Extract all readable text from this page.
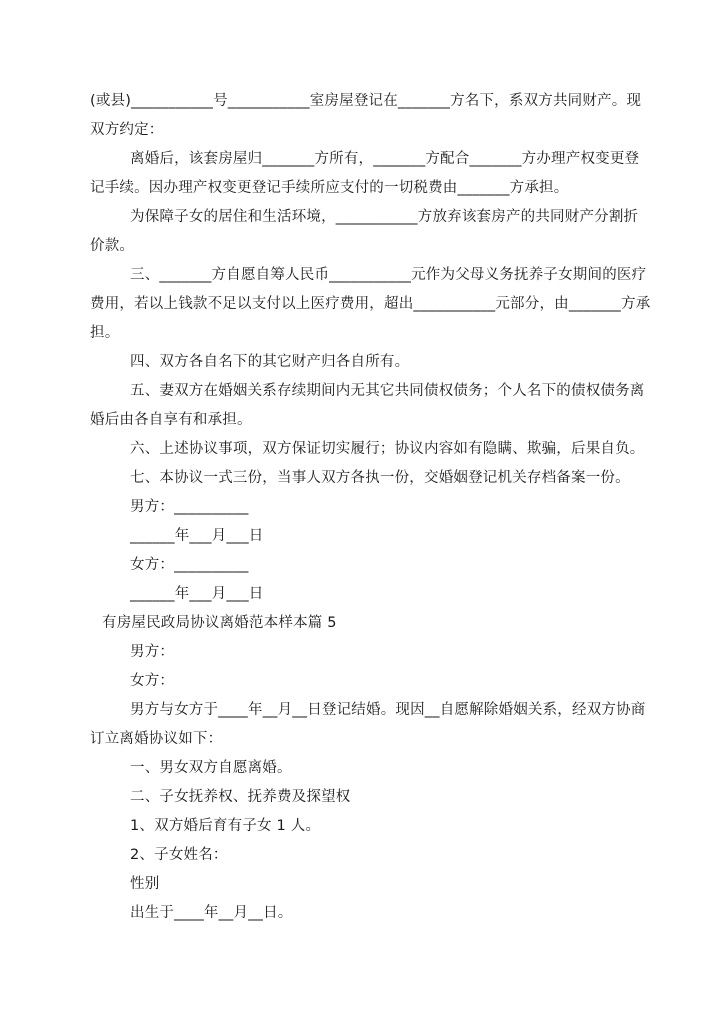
(或县)___________号___________室房屋登记在_______方名下，系双方共同财产。现
双方约定：
离婚后，该套房屋归_______方所有，_______方配合_______方办理产权变更登
记手续。因办理产权变更登记手续所应支付的一切税费由_______方承担。
为保障子女的居住和生活环境，___________方放弃该套房产的共同财产分割折
价款。
三、_______方自愿自筹人民币___________元作为父母义务抚养子女期间的医疗
费用，若以上钱款不足以支付以上医疗费用，超出___________元部分，由_______方承
担。
四、双方各自名下的其它财产归各自所有。
五、妻双方在婚姻关系存续期间内无其它共同债权债务；个人名下的债权债务离
婚后由各自享有和承担。
六、上述协议事项，双方保证切实履行；协议内容如有隐瞒、欺骗，后果自负。
七、本协议一式三份，当事人双方各执一份，交婚姻登记机关存档备案一份。
男方：__________
______年___月___日
女方：__________
______年___月___日
有房屋民政局协议离婚范本样本篇 5
男方：
女方：
男方与女方于____年__月__日登记结婚。现因__自愿解除婚姻关系，经双方协商
订立离婚协议如下：
一、男女双方自愿离婚。
二、子女抚养权、抚养费及探望权
1、双方婚后育有子女 1 人。
2、子女姓名：
性别
出生于____年__月__日。
